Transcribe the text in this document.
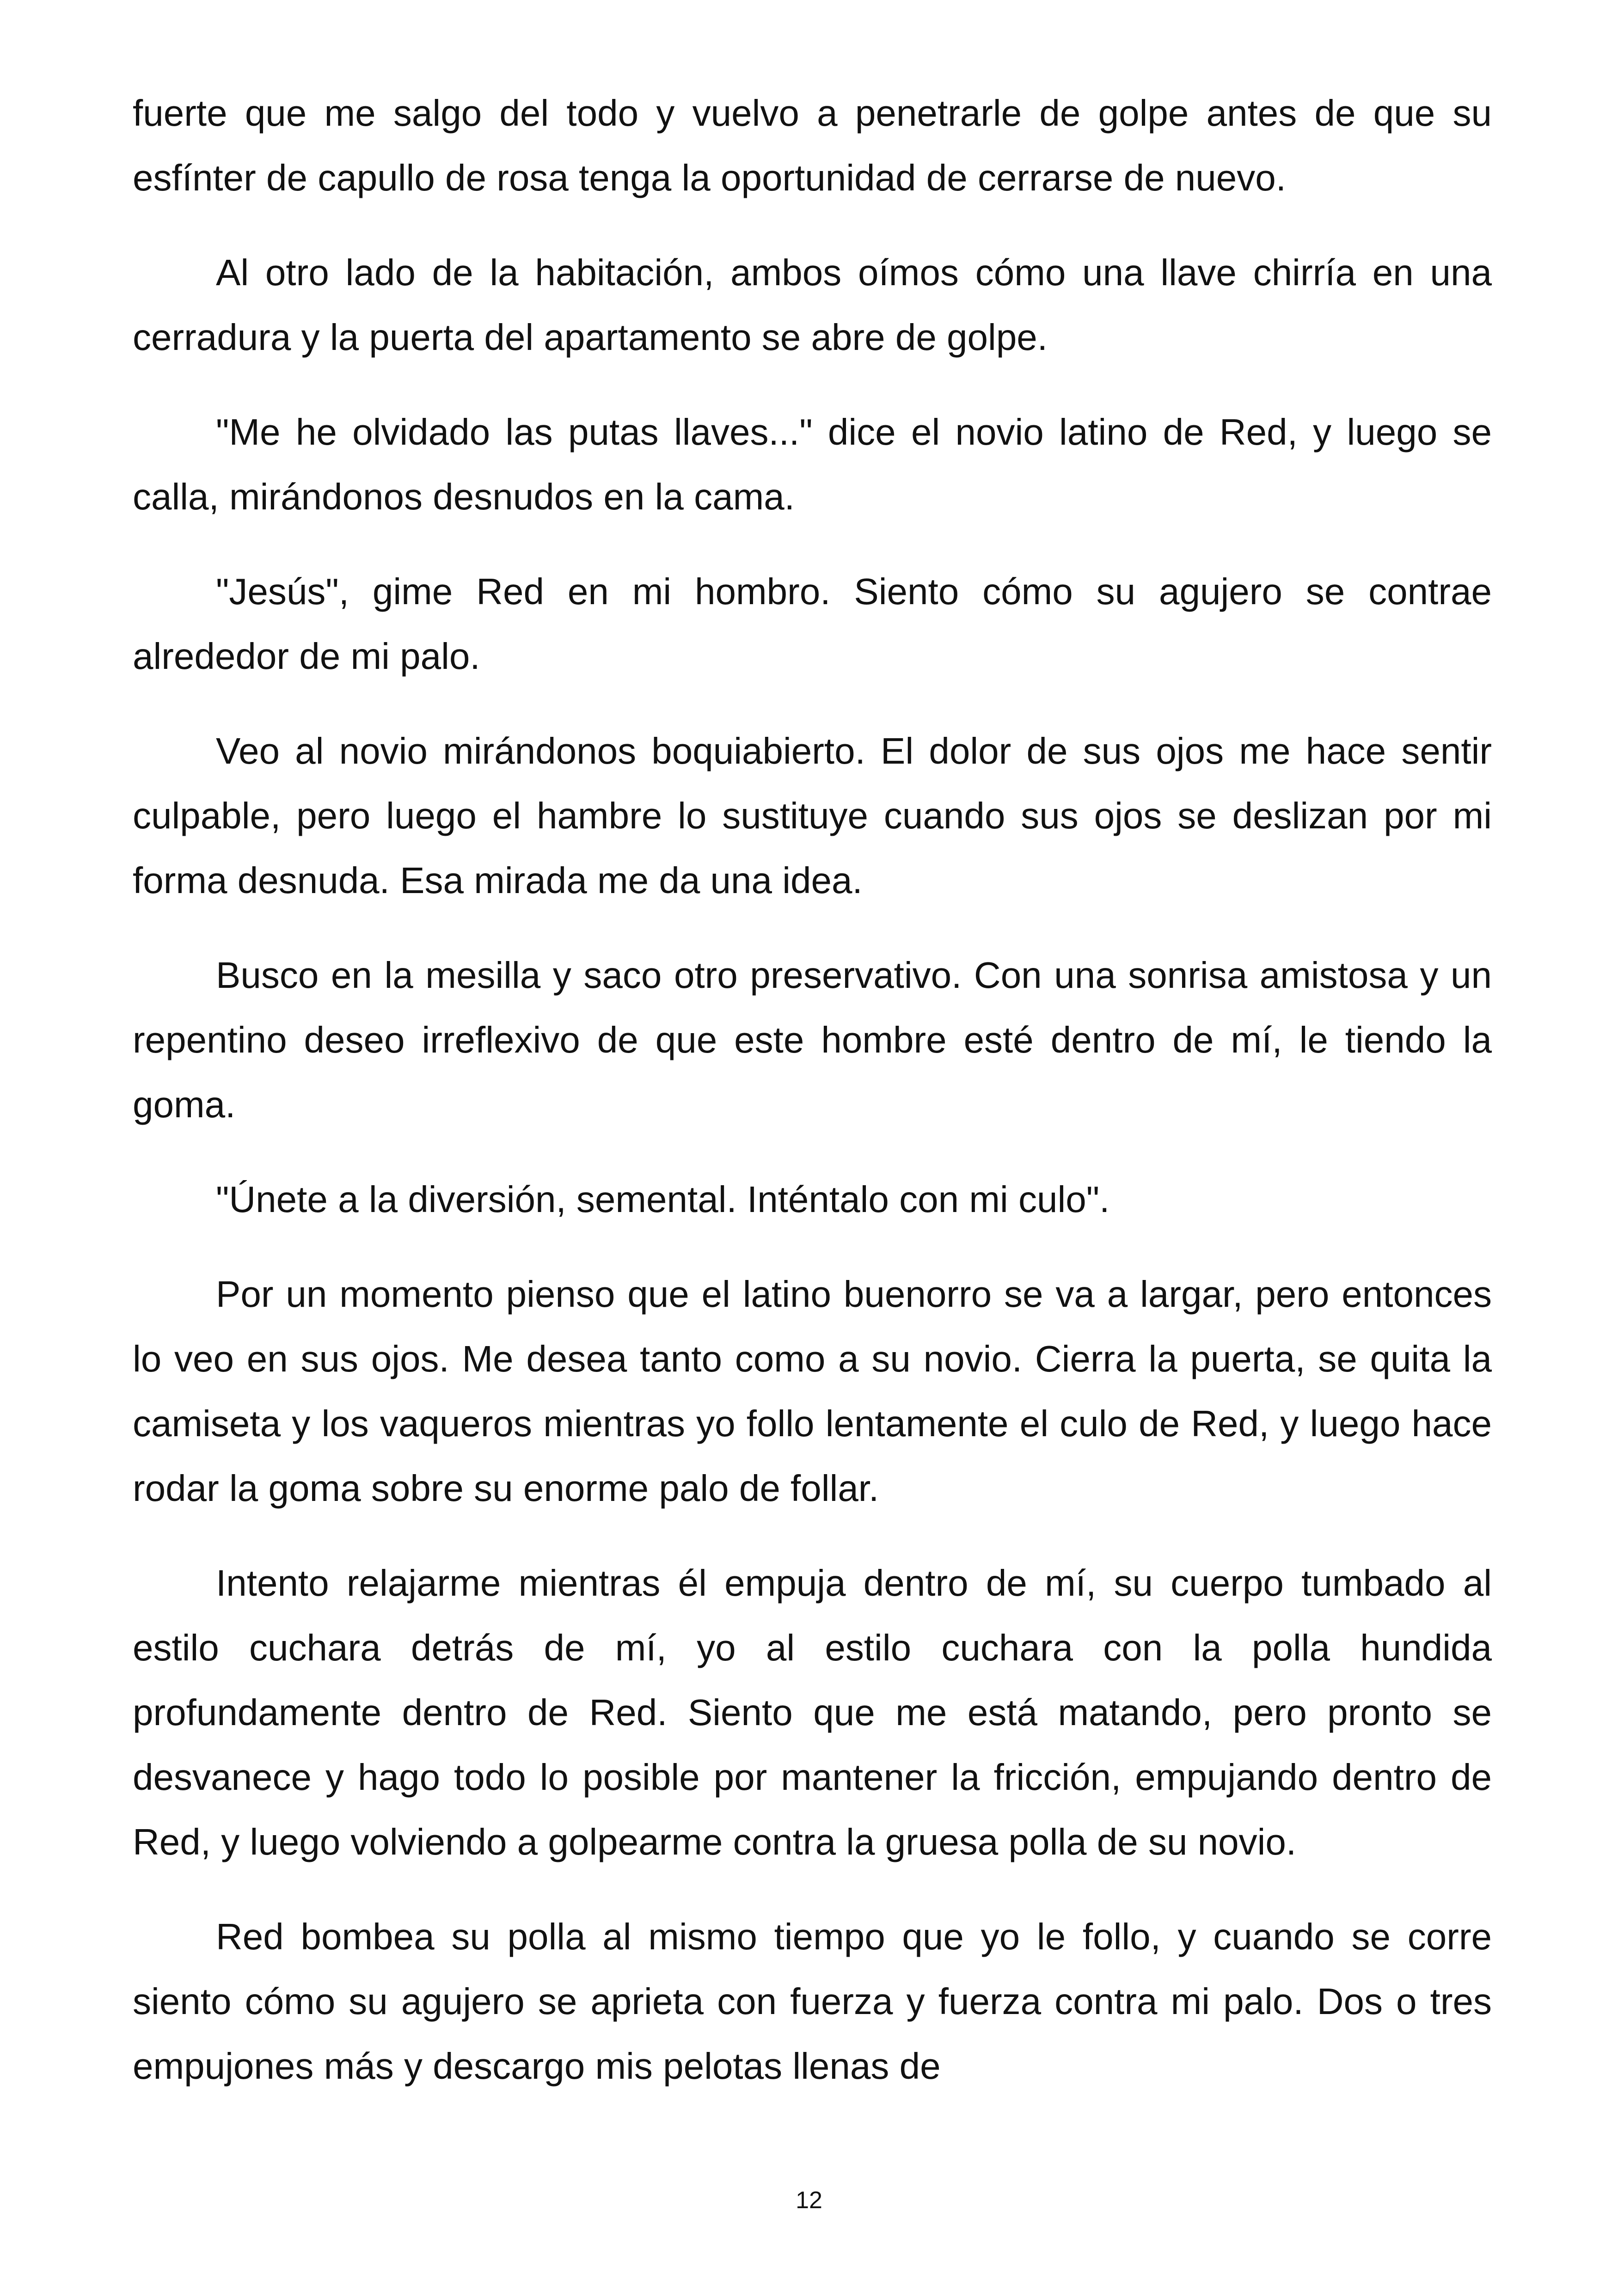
fuerte que me salgo del todo y vuelvo a penetrarle de golpe antes de que su esfínter de capullo de rosa tenga la oportunidad de cerrarse de nuevo.

Al otro lado de la habitación, ambos oímos cómo una llave chirría en una cerradura y la puerta del apartamento se abre de golpe.

"Me he olvidado las putas llaves..." dice el novio latino de Red, y luego se calla, mirándonos desnudos en la cama.

"Jesús", gime Red en mi hombro. Siento cómo su agujero se contrae alrededor de mi palo.

Veo al novio mirándonos boquiabierto. El dolor de sus ojos me hace sentir culpable, pero luego el hambre lo sustituye cuando sus ojos se deslizan por mi forma desnuda. Esa mirada me da una idea.

Busco en la mesilla y saco otro preservativo. Con una sonrisa amistosa y un repentino deseo irreflexivo de que este hombre esté dentro de mí, le tiendo la goma.

"Únete a la diversión, semental. Inténtalo con mi culo".

Por un momento pienso que el latino buenorro se va a largar, pero entonces lo veo en sus ojos. Me desea tanto como a su novio. Cierra la puerta, se quita la camiseta y los vaqueros mientras yo follo lentamente el culo de Red, y luego hace rodar la goma sobre su enorme palo de follar.

Intento relajarme mientras él empuja dentro de mí, su cuerpo tumbado al estilo cuchara detrás de mí, yo al estilo cuchara con la polla hundida profundamente dentro de Red. Siento que me está matando, pero pronto se desvanece y hago todo lo posible por mantener la fricción, empujando dentro de Red, y luego volviendo a golpearme contra la gruesa polla de su novio.

Red bombea su polla al mismo tiempo que yo le follo, y cuando se corre siento cómo su agujero se aprieta con fuerza y fuerza contra mi palo. Dos o tres empujones más y descargo mis pelotas llenas de

12
